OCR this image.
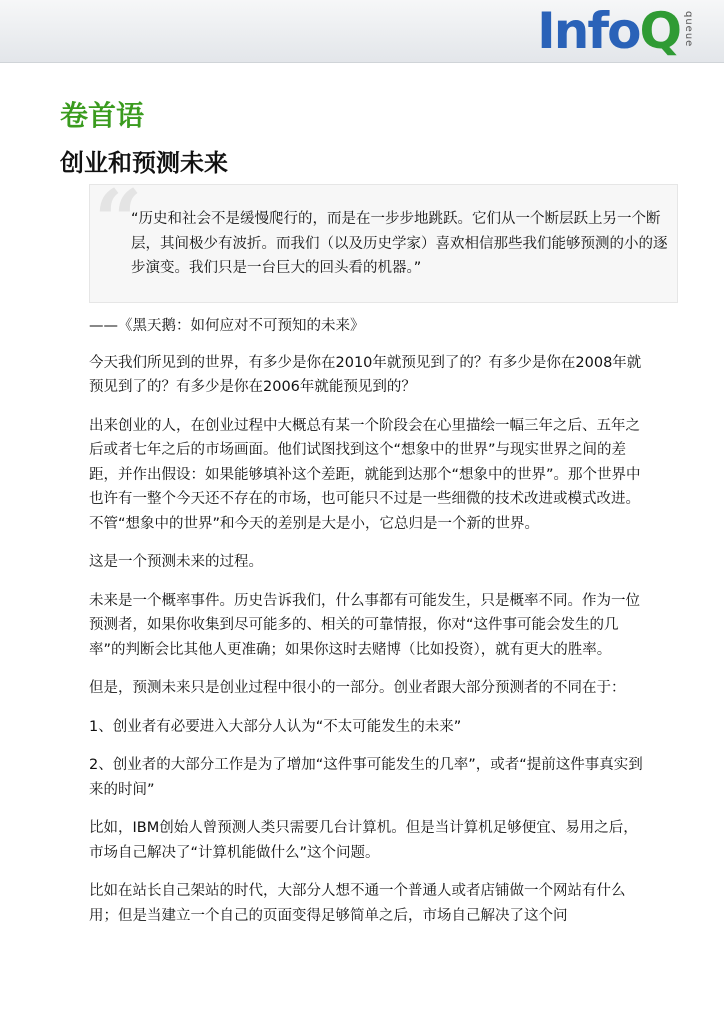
InfoQ queue
卷首语
创业和预测未来
“

“历史和社会不是缓慢爬行的，而是在一步步地跳跃。它们从一个断层跃上另一个断层，其间极少有波折。而我们（以及历史学家）喜欢相信那些我们能够预测的小的逐步演变。我们只是一台巨大的回头看的机器。”

——《黑天鹅：如何应对不可预知的未来》

今天我们所见到的世界，有多少是你在2010年就预见到了的？有多少是你在2008年就预见到了的？有多少是你在2006年就能预见到的？

出来创业的人，在创业过程中大概总有某一个阶段会在心里描绘一幅三年之后、五年之后或者七年之后的市场画面。他们试图找到这个“想象中的世界”与现实世界之间的差距，并作出假设：如果能够填补这个差距，就能到达那个“想象中的世界”。那个世界中也许有一整个今天还不存在的市场，也可能只不过是一些细微的技术改进或模式改进。不管“想象中的世界”和今天的差别是大是小，它总归是一个新的世界。

这是一个预测未来的过程。

未来是一个概率事件。历史告诉我们，什么事都有可能发生，只是概率不同。作为一位预测者，如果你收集到尽可能多的、相关的可靠情报，你对“这件事可能会发生的几率”的判断会比其他人更准确；如果你这时去赌博（比如投资），就有更大的胜率。

但是，预测未来只是创业过程中很小的一部分。创业者跟大部分预测者的不同在于：

1、创业者有必要进入大部分人认为“不太可能发生的未来”

2、创业者的大部分工作是为了增加“这件事可能发生的几率”，或者“提前这件事真实到来的时间”

比如，IBM创始人曾预测人类只需要几台计算机。但是当计算机足够便宜、易用之后，市场自己解决了“计算机能做什么”这个问题。

比如在站长自己架站的时代，大部分人想不通一个普通人或者店铺做一个网站有什么用；但是当建立一个自己的页面变得足够简单之后，市场自己解决了这个问
